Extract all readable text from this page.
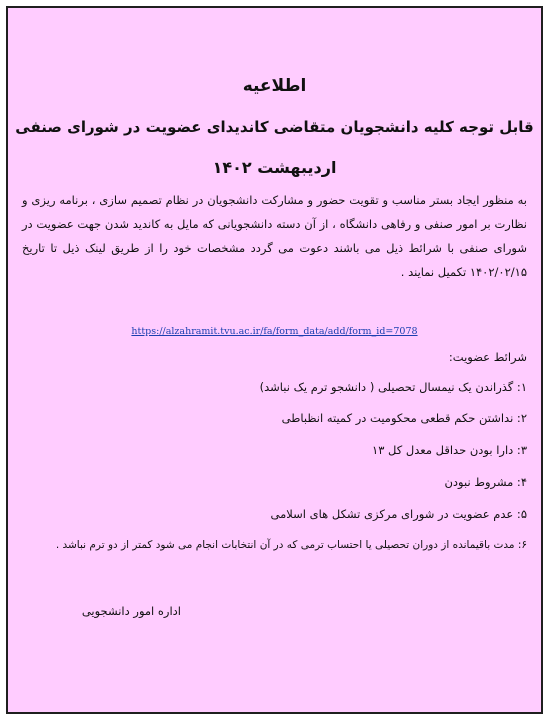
اطلاعیه
قابل توجه کلیه دانشجویان متقاضی کاندیدای عضویت در شورای صنفی
اردیبهشت ۱۴۰۲
به منظور ایجاد بستر مناسب و تقویت حضور و مشارکت دانشجویان در نظام تصمیم سازی ، برنامه ریزی و نظارت بر امور صنفی و رفاهی دانشگاه ، از آن دسته دانشجویانی که مایل به کاندید شدن جهت عضویت در شورای صنفی با شرائط ذیل می باشند دعوت می گردد مشخصات خود را از طریق لینک ذیل تا تاریخ ۱۴۰۲/۰۲/۱۵ تکمیل نمایند .
https://alzahramit.tvu.ac.ir/fa/form_data/add/form_id=7078
شرائط عضویت:
۱: گذراندن یک نیمسال تحصیلی ( دانشجو ترم یک نباشد)
۲: نداشتن حکم قطعی محکومیت در کمیته انظباطی
۳: دارا بودن حداقل معدل کل ۱۳
۴: مشروط نبودن
۵: عدم عضویت در شورای مرکزی تشکل های اسلامی
۶: مدت باقیمانده از دوران تحصیلی یا احتساب ترمی که در آن انتخابات انجام می شود کمتر از دو ترم نباشد .
اداره امور دانشجویی
